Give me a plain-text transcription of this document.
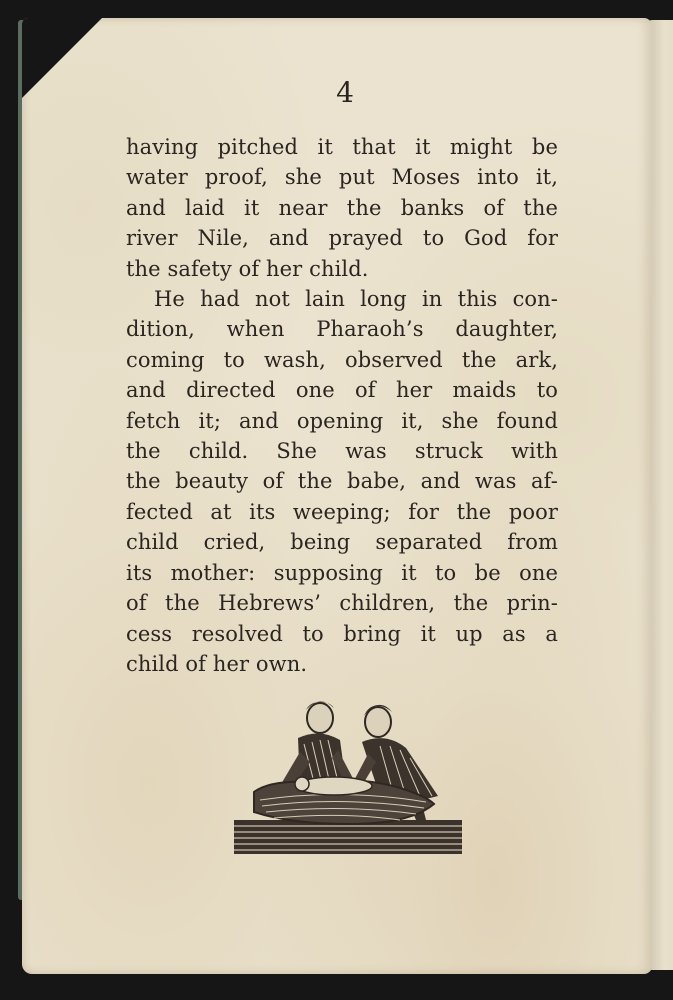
4
having pitched it that it might be
water proof, she put Moses into it,
and laid it near the banks of the
river Nile, and prayed to God for
the safety of her child.
He had not lain long in this con-
dition, when Pharaoh’s daughter,
coming to wash, observed the ark,
and directed one of her maids to
fetch it; and opening it, she found
the child. She was struck with
the beauty of the babe, and was af-
fected at its weeping; for the poor
child cried, being separated from
its mother: supposing it to be one
of the Hebrews’ children, the prin-
cess resolved to bring it up as a
child of her own.
